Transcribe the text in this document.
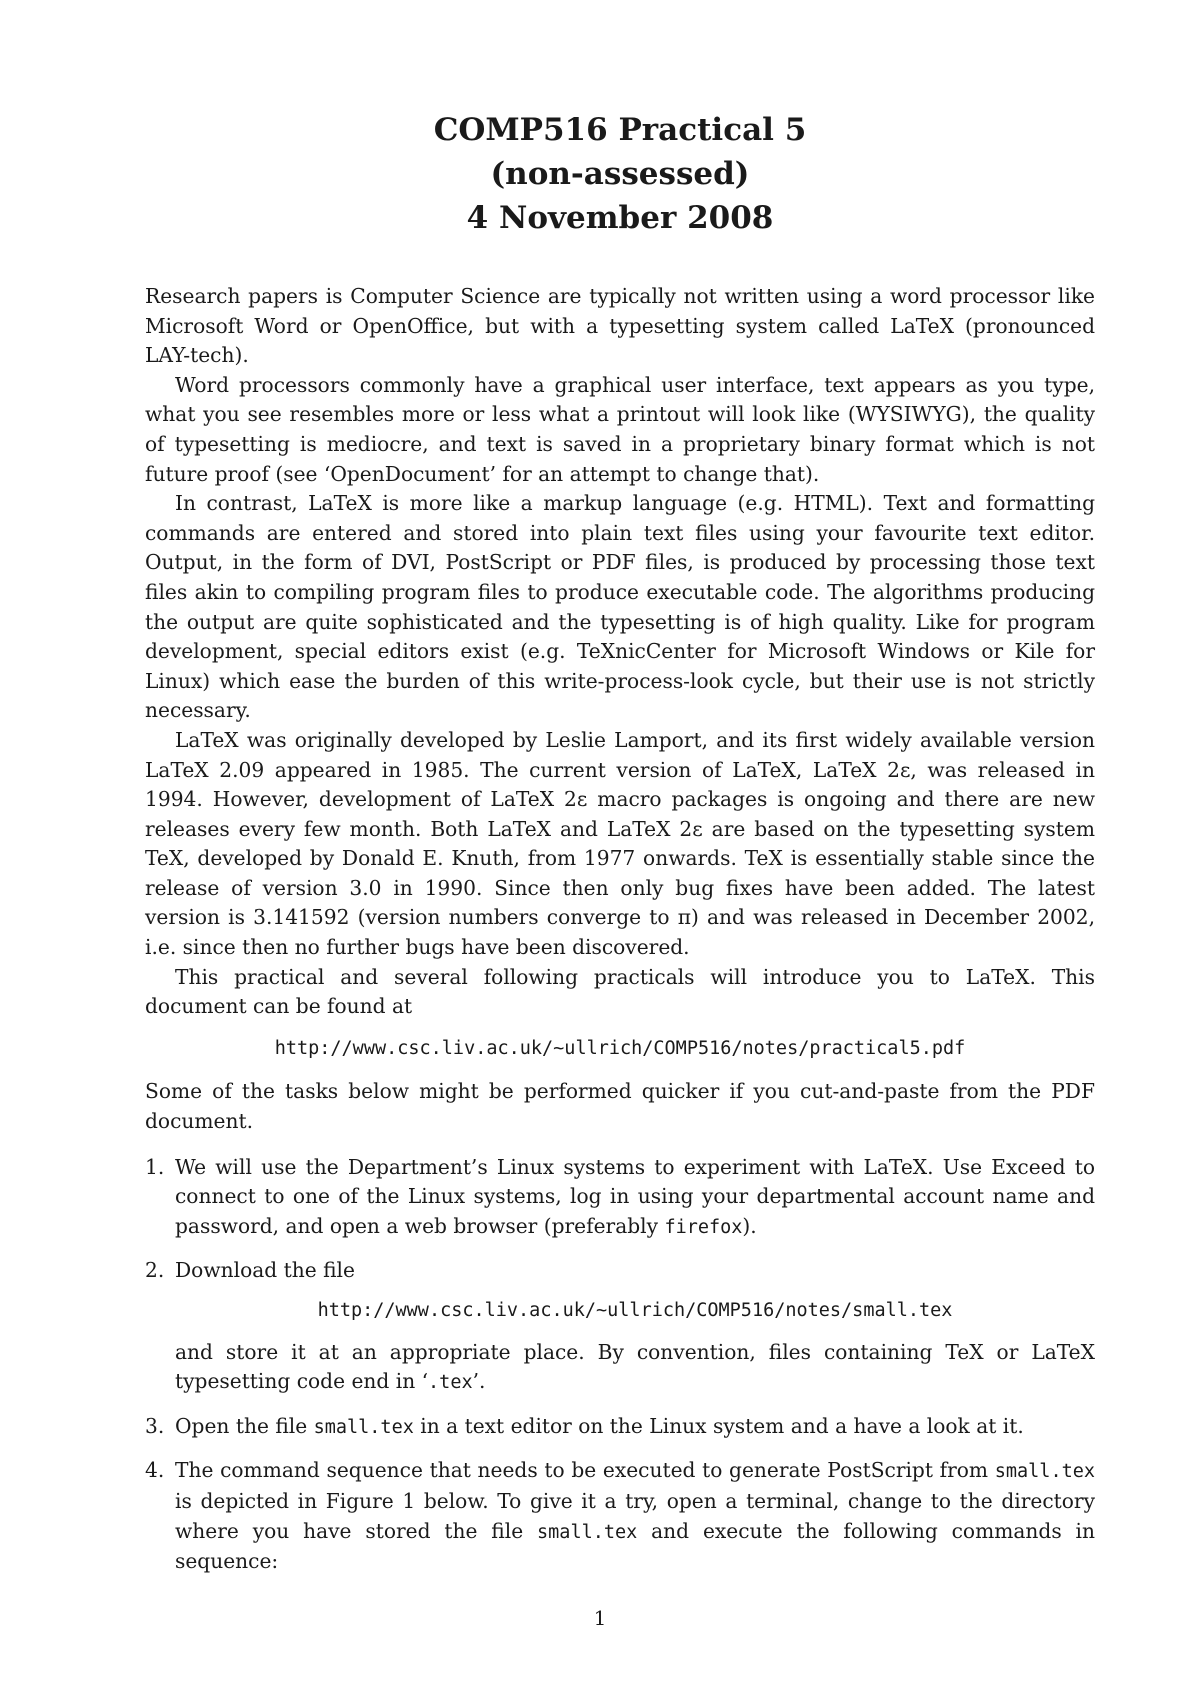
COMP516 Practical 5
(non-assessed)
4 November 2008

Research papers is Computer Science are typically not written using a word processor like Microsoft Word or OpenOffice, but with a typesetting system called LaTeX (pronounced LAY-tech).

Word processors commonly have a graphical user interface, text appears as you type, what you see resembles more or less what a printout will look like (WYSIWYG), the quality of typesetting is mediocre, and text is saved in a proprietary binary format which is not future proof (see ‘OpenDocument’ for an attempt to change that).

In contrast, LaTeX is more like a markup language (e.g. HTML). Text and formatting commands are entered and stored into plain text files using your favourite text editor. Output, in the form of DVI, PostScript or PDF files, is produced by processing those text files akin to compiling program files to produce executable code. The algorithms producing the output are quite sophisticated and the typesetting is of high quality. Like for program development, special editors exist (e.g. TeXnicCenter for Microsoft Windows or Kile for Linux) which ease the burden of this write-process-look cycle, but their use is not strictly necessary.

LaTeX was originally developed by Leslie Lamport, and its first widely available version LaTeX 2.09 appeared in 1985. The current version of LaTeX, LaTeX 2ε, was released in 1994. However, development of LaTeX 2ε macro packages is ongoing and there are new releases every few month. Both LaTeX and LaTeX 2ε are based on the typesetting system TeX, developed by Donald E. Knuth, from 1977 onwards. TeX is essentially stable since the release of version 3.0 in 1990. Since then only bug fixes have been added. The latest version is 3.141592 (version numbers converge to π) and was released in December 2002, i.e. since then no further bugs have been discovered.

This practical and several following practicals will introduce you to LaTeX. This document can be found at

http://www.csc.liv.ac.uk/~ullrich/COMP516/notes/practical5.pdf

Some of the tasks below might be performed quicker if you cut-and-paste from the PDF document.

1. We will use the Department’s Linux systems to experiment with LaTeX. Use Exceed to connect to one of the Linux systems, log in using your departmental account name and password, and open a web browser (preferably firefox).
2. Download the file
http://www.csc.liv.ac.uk/~ullrich/COMP516/notes/small.tex
and store it at an appropriate place. By convention, files containing TeX or LaTeX typesetting code end in ‘.tex’.
3. Open the file small.tex in a text editor on the Linux system and a have a look at it.
4. The command sequence that needs to be executed to generate PostScript from small.tex is depicted in Figure 1 below. To give it a try, open a terminal, change to the directory where you have stored the file small.tex and execute the following commands in sequence:
1
